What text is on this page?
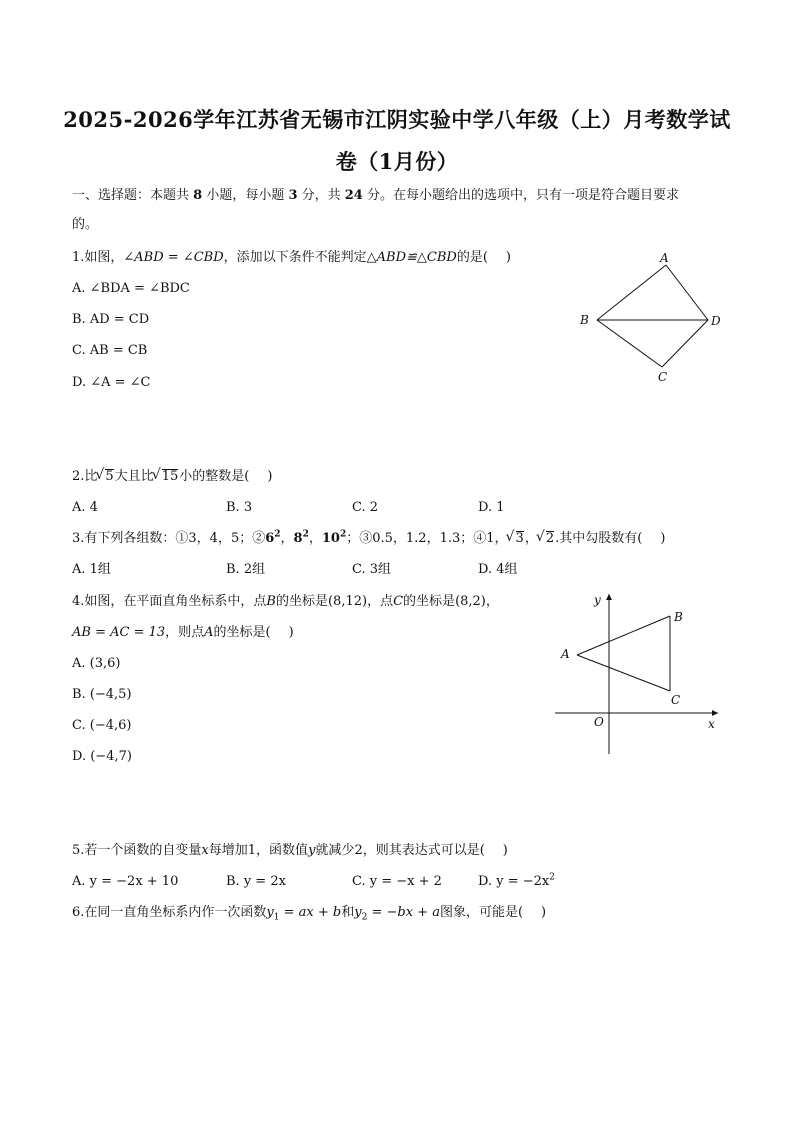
2025-2026学年江苏省无锡市江阴实验中学八年级（上）月考数学试
卷（1月份）
一、选择题：本题共 8 小题，每小题 3 分，共 24 分。在每小题给出的选项中，只有一项是符合题目要求
的。
1.如图，∠ABD = ∠CBD，添加以下条件不能判定△ABD≌△CBD的是( )
A. ∠BDA = ∠BDC
B. AD = CD
C. AB = CB
D. ∠A = ∠C
A
B
C
D
2.比 √ 5大且比 √ 15小的整数是( )
A. 4	B. 3	C. 2	D. 1
3.有下列各组数：①3，4，5；$②6^2$，$8^2$，$10^2$；③0.5，1.2，1.3；④1， √ 3， √ 2.其中勾股数有( )
A. 1组	B. 2组	C. 3组	D. 4组
4.如图，在平面直角坐标系中，点B的坐标是(8,12)，点C的坐标是(8,2)，
AB = AC = 13，则点A的坐标是( )
A. (3,6)
B. (−4,5)
C. (−4,6)
D. (−4,7)
y
x
O
A
B
C
5.若一个函数的自变量x每增加1，函数值y就减少2，则其表达式可以是( )
A. y = −2x + 10	B. y = 2x	C. y = −x + 2	D. $y = -2x^2$
6.在同一直角坐标系内作一次函数$y_1$ = ax + b和$y_2 = -bx + a$图象，可能是( )
